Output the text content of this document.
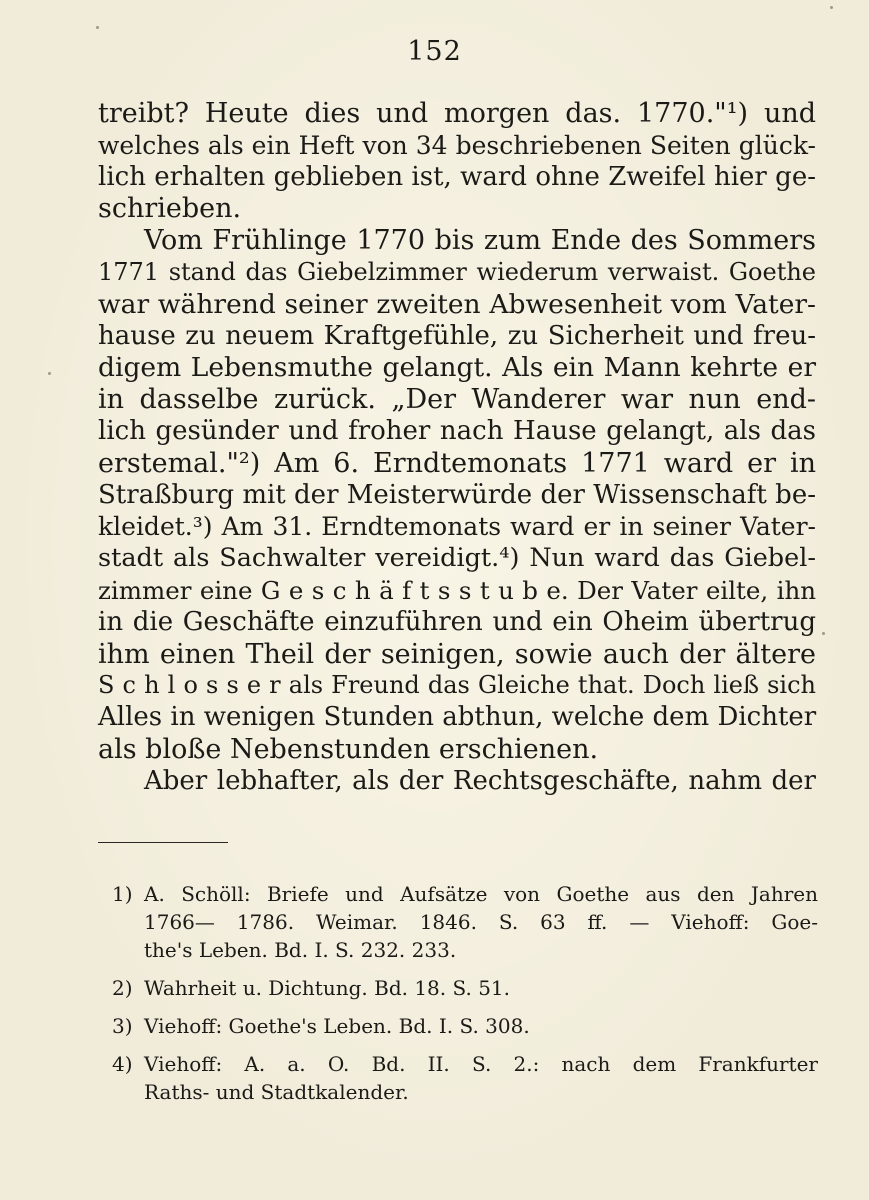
152
treibt? Heute dies und morgen das. 1770."¹) und
welches als ein Heft von 34 beschriebenen Seiten glück-
lich erhalten geblieben ist, ward ohne Zweifel hier ge-
schrieben.
Vom Frühlinge 1770 bis zum Ende des Sommers
1771 stand das Giebelzimmer wiederum verwaist. Goethe
war während seiner zweiten Abwesenheit vom Vater-
hause zu neuem Kraftgefühle, zu Sicherheit und freu-
digem Lebensmuthe gelangt. Als ein Mann kehrte er
in dasselbe zurück. „Der Wanderer war nun end-
lich gesünder und froher nach Hause gelangt, als das
erstemal."²) Am 6. Erndtemonats 1771 ward er in
Straßburg mit der Meisterwürde der Wissenschaft be-
kleidet.³) Am 31. Erndtemonats ward er in seiner Vater-
stadt als Sachwalter vereidigt.⁴) Nun ward das Giebel-
zimmer eine G e s c h ä f t s s t u b e. Der Vater eilte, ihn
in die Geschäfte einzuführen und ein Oheim übertrug
ihm einen Theil der seinigen, sowie auch der ältere
S c h l o s s e r als Freund das Gleiche that. Doch ließ sich
Alles in wenigen Stunden abthun, welche dem Dichter
als bloße Nebenstunden erschienen.
Aber lebhafter, als der Rechtsgeschäfte, nahm der
1) A. Schöll: Briefe und Aufsätze von Goethe aus den Jahren
1766— 1786. Weimar. 1846. S. 63 ff. — Viehoff: Goe-
the's Leben. Bd. I. S. 232. 233.
2) Wahrheit u. Dichtung. Bd. 18. S. 51.
3) Viehoff: Goethe's Leben. Bd. I. S. 308.
4) Viehoff: A. a. O. Bd. II. S. 2.: nach dem Frankfurter
Raths- und Stadtkalender.
